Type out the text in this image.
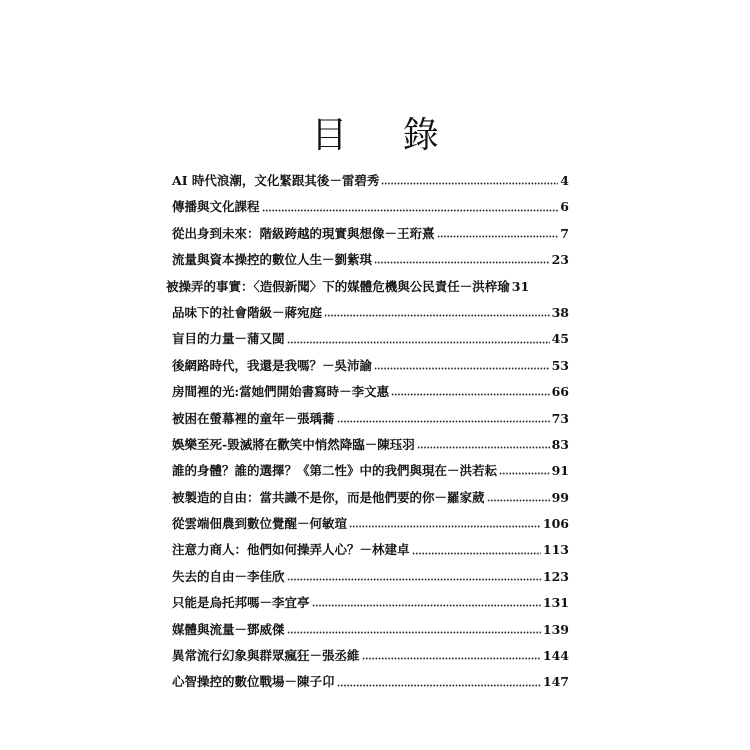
目 錄
AI 時代浪潮，文化緊跟其後－雷碧秀	4
傳播與文化課程	6
從出身到未來：階級跨越的現實與想像－王珩熹	7
流量與資本操控的數位人生－劉紫琪	23
被操弄的事實：〈造假新聞〉下的媒體危機與公民責任－洪梓瑜 31
品味下的社會階級－蔣宛庭	38
盲目的力量－蒲又閩	45
後網路時代，我還是我嗎？－吳沛諭	53
房間裡的光:當她們開始書寫時－李文惠	66
被困在螢幕裡的童年－張瑀蕎	73
娛樂至死-毀滅將在歡笑中悄然降臨－陳珏羽	83
誰的身體？誰的選擇？《第二性》中的我們與現在－洪若耘	91
被製造的自由：當共識不是你，而是他們要的你－羅家葳	99
從雲端佃農到數位覺醒－何敏瑄	106
注意力商人：他們如何操弄人心？－林建卓	113
失去的自由－李佳欣	123
只能是烏托邦嗎－李宜亭	131
媒體與流量－鄧威傑	139
異常流行幻象與群眾瘋狂－張丞維	144
心智操控的數位戰場－陳子卬	147
